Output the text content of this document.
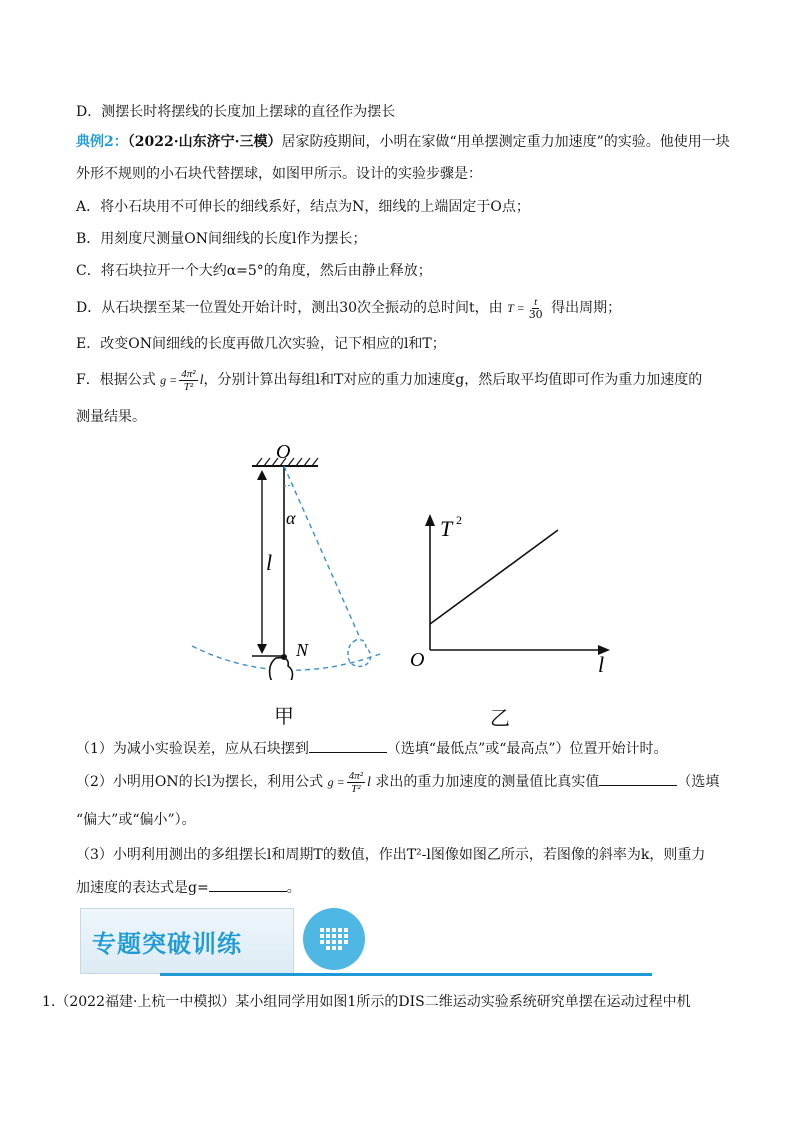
D．测摆长时将摆线的长度加上摆球的直径作为摆长
典例2：（2022·山东济宁·三模）居家防疫期间，小明在家做“用单摆测定重力加速度”的实验。他使用一块
外形不规则的小石块代替摆球，如图甲所示。设计的实验步骤是：
A．将小石块用不可伸长的细线系好，结点为N，细线的上端固定于O点；
B．用刻度尺测量ON间细线的长度l作为摆长；
C．将石块拉开一个大约α=5°的角度，然后由静止释放；
D．从石块摆至某一位置处开始计时，测出30次全振动的总时间t，由 $T = \frac{t}{30}$ 得出周期；
E．改变ON间细线的长度再做几次实验，记下相应的l和T；
F．根据公式 $g = \frac{\text{4π²}}{\text{T²}}$ l，分别计算出每组l和T对应的重力加速度g，然后取平均值即可作为重力加速度的
测量结果。
O
α
l
N
甲
T 2
O	l
乙
（1）为减小实验误差，应从石块摆到	（选填“最低点”或“最高点”）位置开始计时。
（2）小明用ON的长l为摆长，利用公式 $g = \frac{\text{4π²}}{\text{T²}}$ l 求出的重力加速度的测量值比真实值	（选填
“偏大”或“偏小”）。
（3）小明利用测出的多组摆长l和周期T的数值，作出T²-l图像如图乙所示，若图像的斜率为k，则重力
加速度的表达式是g=	。
专题突破训练
1.（2022福建·上杭一中模拟）某小组同学用如图1所示的DIS二维运动实验系统研究单摆在运动过程中机
